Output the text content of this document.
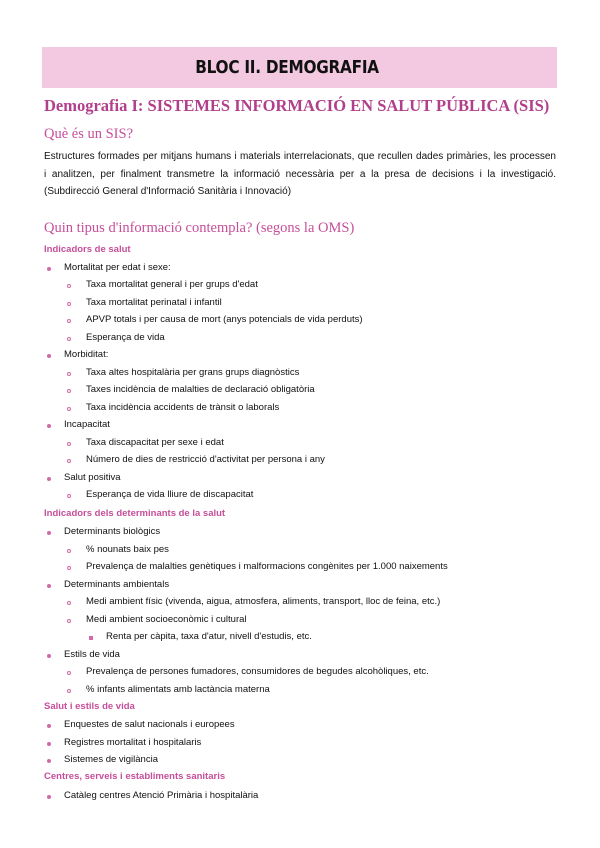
BLOC II. DEMOGRAFIA
Demografia I: SISTEMES INFORMACIÓ EN SALUT PÚBLICA (SIS)
Què és un SIS?

Estructures formades per mitjans humans i materials interrelacionats, que recullen dades primàries, les processen
i analitzen, per finalment transmetre la informació necessària per a la presa de decisions i la investigació.
(Subdirecció General d'Informació Sanitària i Innovació)

Quin tipus d'informació contempla? (segons la OMS)
Indicadors de salut

Mortalitat per edat i sexe:

Taxa mortalitat general i per grups d'edat

Taxa mortalitat perinatal i infantil

APVP totals i per causa de mort (anys potencials de vida perduts)

Esperança de vida

Morbiditat:

Taxa altes hospitalària per grans grups diagnòstics

Taxes incidència de malalties de declaració obligatòria

Taxa incidència accidents de trànsit o laborals

Incapacitat

Taxa discapacitat per sexe i edat

Número de dies de restricció d'activitat per persona i any

Salut positiva

Esperança de vida lliure de discapacitat

Indicadors dels determinants de la salut

Determinants biològics

% nounats baix pes

Prevalença de malalties genètiques i malformacions congènites per 1.000 naixements

Determinants ambientals

Medi ambient físic (vivenda, aigua, atmosfera, aliments, transport, lloc de feina, etc.)

Medi ambient socioeconòmic i cultural

Renta per càpita, taxa d'atur, nivell d'estudis, etc.

Estils de vida

Prevalença de persones fumadores, consumidores de begudes alcohòliques, etc.

% infants alimentats amb lactància materna

Salut i estils de vida

Enquestes de salut nacionals i europees

Registres mortalitat i hospitalaris

Sistemes de vigilància

Centres, serveis i establiments sanitaris

Catàleg centres Atenció Primària i hospitalària
